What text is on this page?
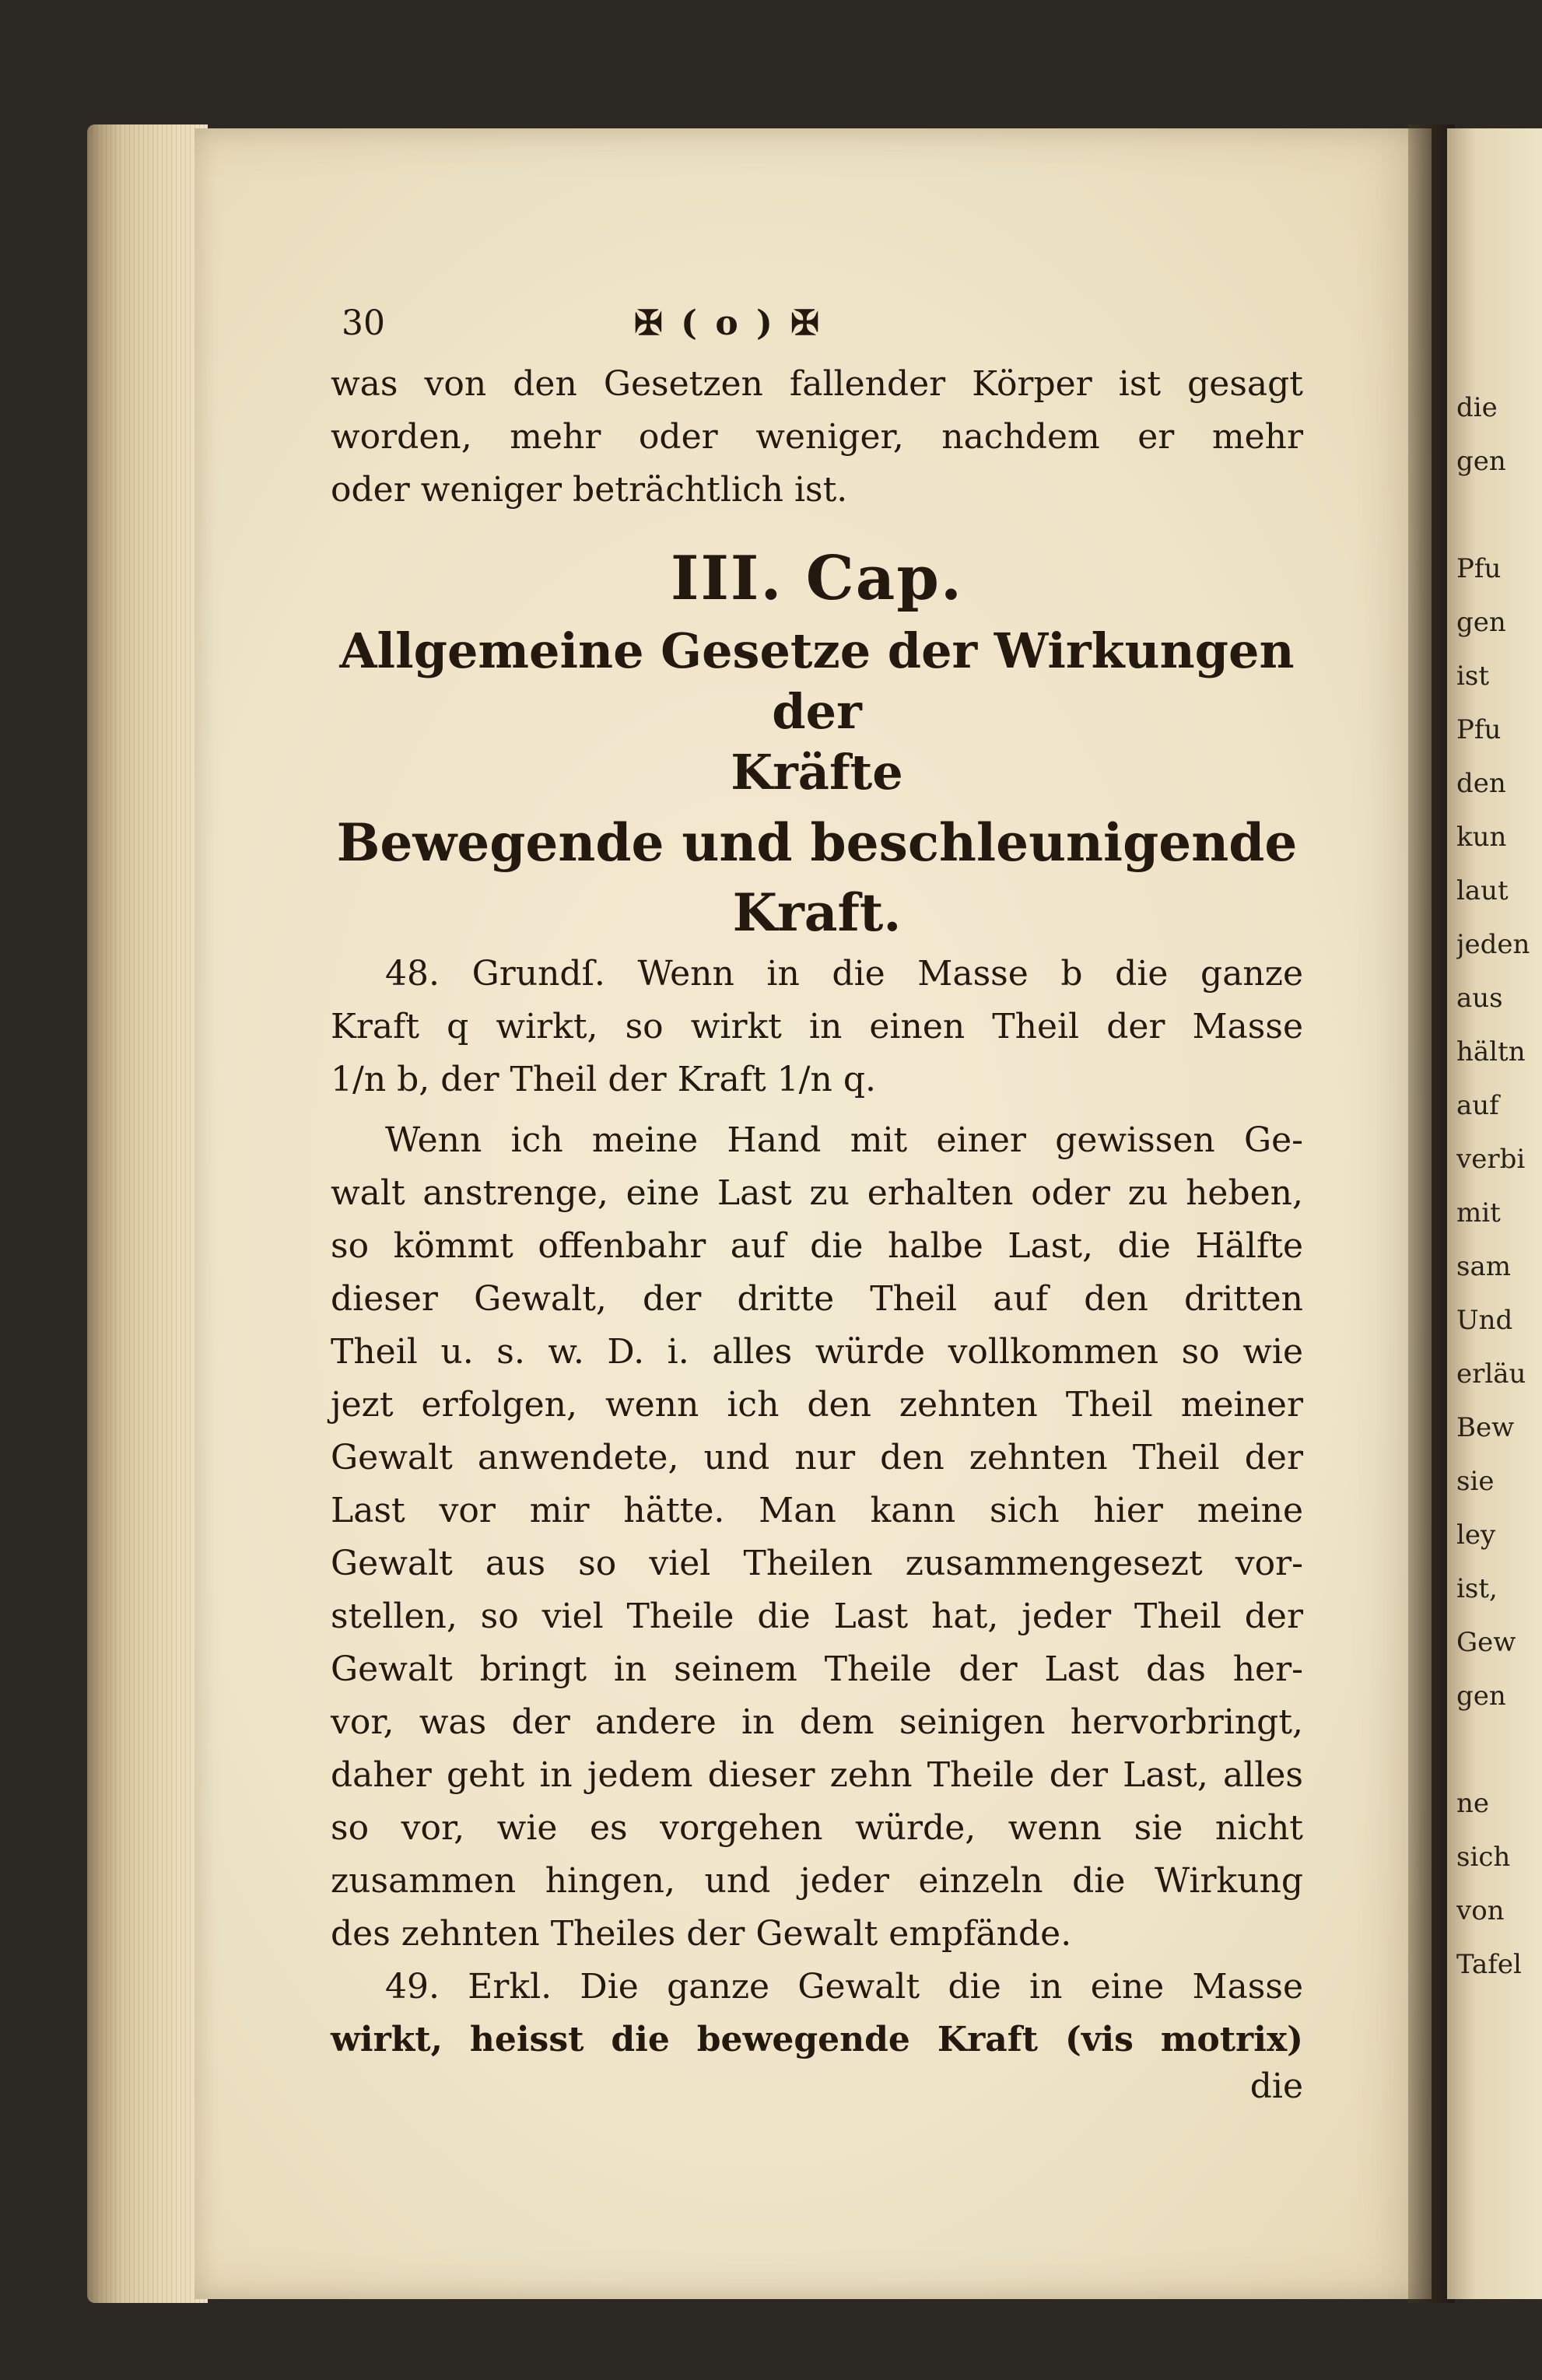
die
gen
Pfu
gen
ist
Pfu
den
kun
laut
jeden
aus
hältn
auf
verbi
mit
sam
Und
erläu
Bew
sie
ley
ist,
Gew
gen
ne
sich
von
Tafel
30	✠ ( o ) ✠
was von den Gesetzen fallender Körper ist gesagt
worden, mehr oder weniger, nachdem er mehr
oder weniger beträchtlich ist.
III. Cap.
Allgemeine Gesetze der Wirkungen der
Kräfte
Bewegende und beschleunigende Kraft.
48. Grundſ. Wenn in die Masse b die ganze
Kraft q wirkt, so wirkt in einen Theil der Masse
1/n b, der Theil der Kraft 1/n q.
Wenn ich meine Hand mit einer gewissen Ge-
walt anstrenge, eine Last zu erhalten oder zu heben,
so kömmt offenbahr auf die halbe Last, die Hälfte
dieser Gewalt, der dritte Theil auf den dritten
Theil u. s. w. D. i. alles würde vollkommen so wie
jezt erfolgen, wenn ich den zehnten Theil meiner
Gewalt anwendete, und nur den zehnten Theil der
Last vor mir hätte. Man kann sich hier meine
Gewalt aus so viel Theilen zusammengesezt vor-
stellen, so viel Theile die Last hat, jeder Theil der
Gewalt bringt in seinem Theile der Last das her-
vor, was der andere in dem seinigen hervorbringt,
daher geht in jedem dieser zehn Theile der Last, alles
so vor, wie es vorgehen würde, wenn sie nicht
zusammen hingen, und jeder einzeln die Wirkung
des zehnten Theiles der Gewalt empfände.
49. Erkl. Die ganze Gewalt die in eine Masse
wirkt, heisst die bewegende Kraft (vis motrix)
die
